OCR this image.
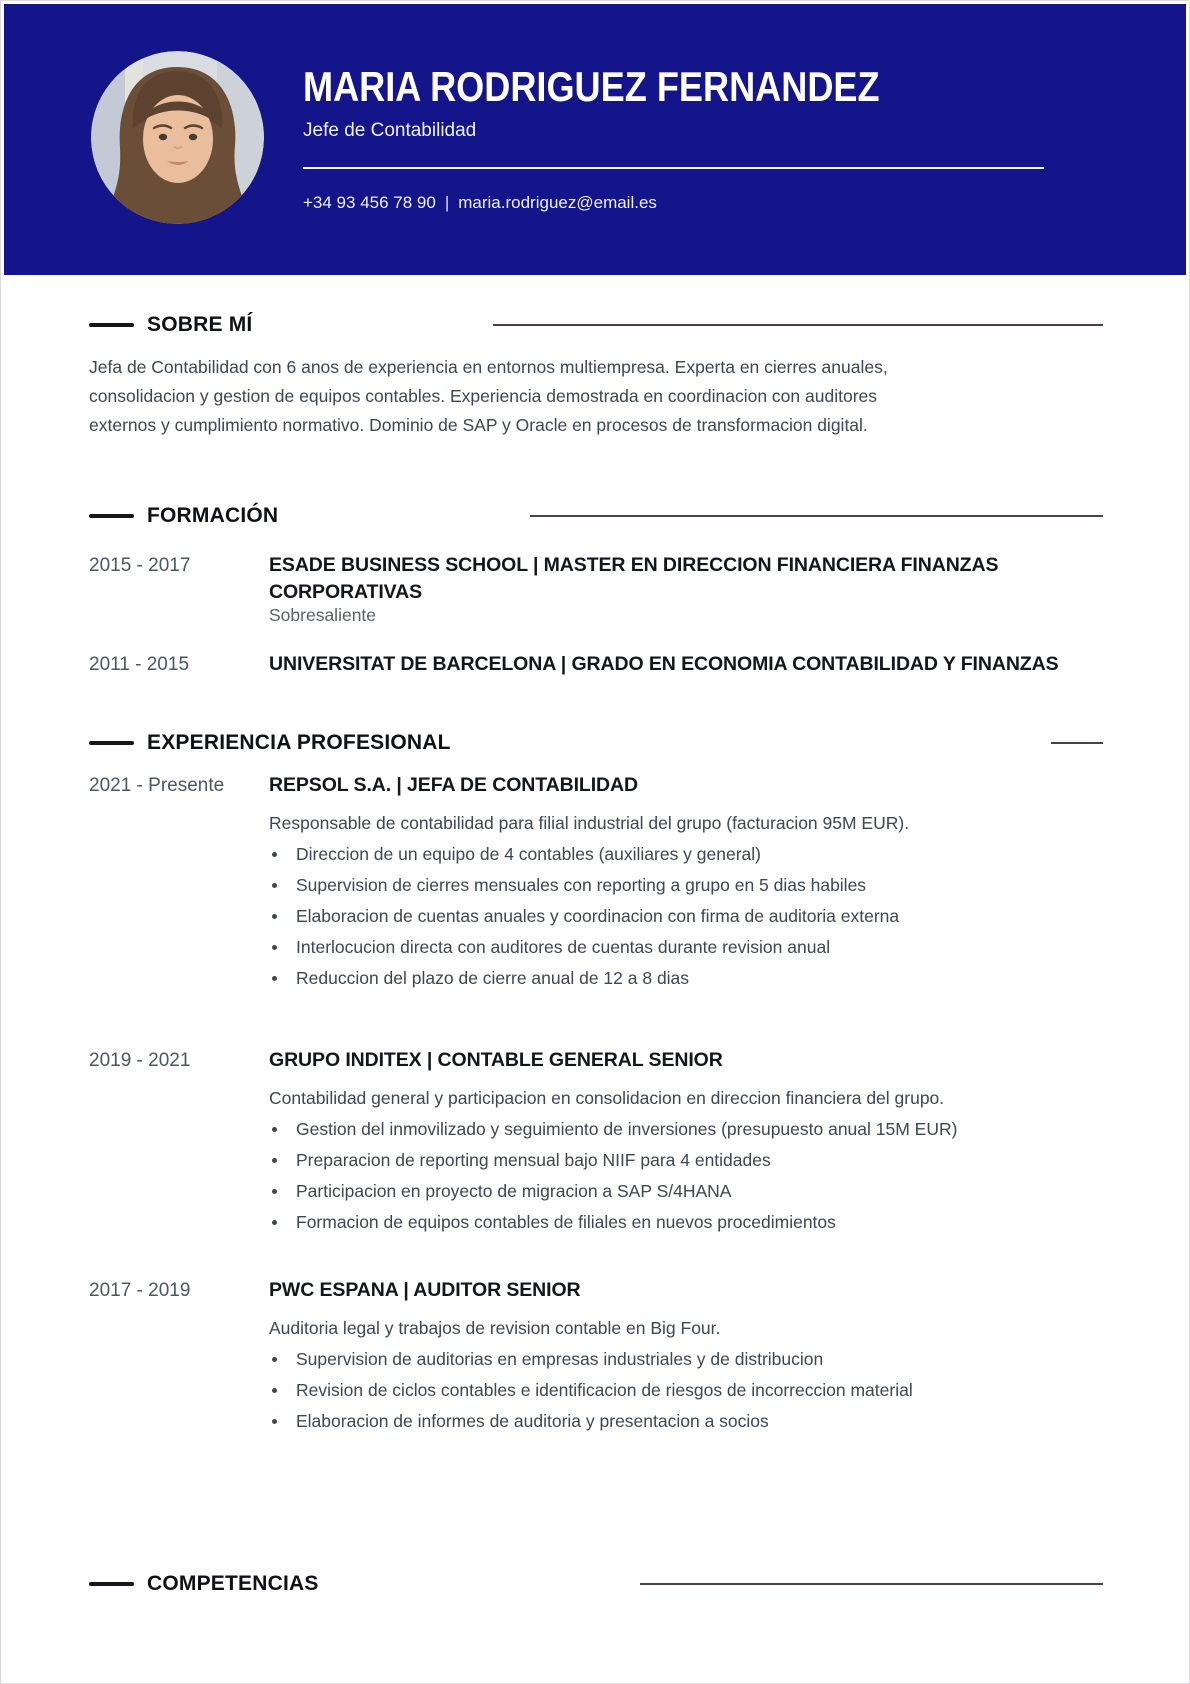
MARIA RODRIGUEZ FERNANDEZ
Jefe de Contabilidad
+34 93 456 78 90 | maria.rodriguez@email.es
SOBRE MÍ
Jefa de Contabilidad con 6 anos de experiencia en entornos multiempresa. Experta en cierres anuales,
consolidacion y gestion de equipos contables. Experiencia demostrada en coordinacion con auditores
externos y cumplimiento normativo. Dominio de SAP y Oracle en procesos de transformacion digital.
FORMACIÓN
2015 - 2017	ESADE BUSINESS SCHOOL | MASTER EN DIRECCION FINANCIERA FINANZAS CORPORATIVAS
Sobresaliente
2011 - 2015	UNIVERSITAT DE BARCELONA | GRADO EN ECONOMIA CONTABILIDAD Y FINANZAS
EXPERIENCIA PROFESIONAL
2021 - Presente	REPSOL S.A. | JEFA DE CONTABILIDAD
Responsable de contabilidad para filial industrial del grupo (facturacion 95M EUR).
Direccion de un equipo de 4 contables (auxiliares y general)
Supervision de cierres mensuales con reporting a grupo en 5 dias habiles
Elaboracion de cuentas anuales y coordinacion con firma de auditoria externa
Interlocucion directa con auditores de cuentas durante revision anual
Reduccion del plazo de cierre anual de 12 a 8 dias
2019 - 2021	GRUPO INDITEX | CONTABLE GENERAL SENIOR
Contabilidad general y participacion en consolidacion en direccion financiera del grupo.
Gestion del inmovilizado y seguimiento de inversiones (presupuesto anual 15M EUR)
Preparacion de reporting mensual bajo NIIF para 4 entidades
Participacion en proyecto de migracion a SAP S/4HANA
Formacion de equipos contables de filiales en nuevos procedimientos
2017 - 2019	PWC ESPANA | AUDITOR SENIOR
Auditoria legal y trabajos de revision contable en Big Four.
Supervision de auditorias en empresas industriales y de distribucion
Revision de ciclos contables e identificacion de riesgos de incorreccion material
Elaboracion de informes de auditoria y presentacion a socios
COMPETENCIAS
